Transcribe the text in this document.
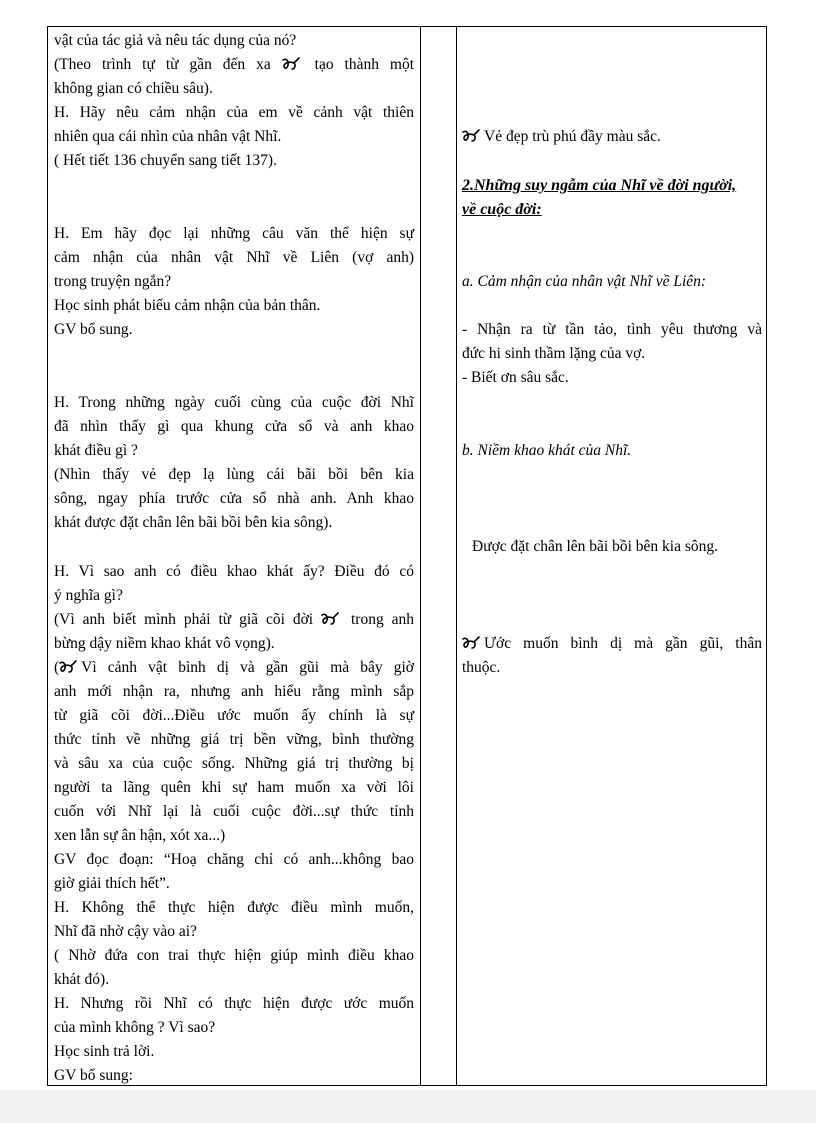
vật của tác giả và nêu tác dụng của nó?
(Theo trình tự từ gần đến xa	tạo thành một
không gian có chiều sâu).
H. Hãy nêu cảm nhận của em về cảnh vật thiên
nhiên qua cái nhìn của nhân vật Nhĩ.
( Hết tiết 136 chuyển sang tiết 137).
H. Em hãy đọc lại những câu văn thể hiện sự
cảm nhận của nhân vật Nhĩ về Liên (vợ anh)
trong truyện ngắn?
Học sinh phát biểu cảm nhận của bản thân.
GV bổ sung.
H. Trong những ngày cuối cùng của cuộc đời Nhĩ
đã nhìn thấy gì qua khung cửa sổ và anh khao
khát điều gì ?
(Nhìn thấy vẻ đẹp lạ lùng cái bãi bồi bên kia
sông, ngay phía trước cửa sổ nhà anh. Anh khao
khát được đặt chân lên bãi bồi bên kia sông).
H. Vì sao anh có điều khao khát ấy? Điều đó có
ý nghĩa gì?
(Vì anh biết mình phải từ giã cõi đời trong anh
bừng dậy niềm khao khát vô vọng).
( Vì cảnh vật bình dị và gần gũi mà bây giờ
anh mới nhận ra, nhưng anh hiểu rằng mình sắp
từ giã cõi đời...Điều ước muốn ấy chính là sự
thức tỉnh về những giá trị bền vững, bình thường
và sâu xa của cuộc sống. Những giá trị thường bị
người ta lãng quên khi sự ham muốn xa vời lôi
cuốn với Nhĩ lại là cuối cuộc đời...sự thức tỉnh
xen lẫn sự ân hận, xót xa...)
GV đọc đoạn: “Hoạ chăng chỉ có anh...không bao
giờ giải thích hết”.
H. Không thể thực hiện được điều mình muốn,
Nhĩ đã nhờ cậy vào ai?
( Nhờ đứa con trai thực hiện giúp mình điều khao
khát đó).
H. Nhưng rồi Nhĩ có thực hiện được ước muốn
của mình không ? Vì sao?
Học sinh trả lời.
GV bổ sung:
Vẻ đẹp trù phú đầy màu sắc.
2.Những suy ngẫm của Nhĩ về đời người,
về cuộc đời:
a. Cảm nhận của nhân vật Nhĩ về Liên:
- Nhận ra từ tần tảo, tình yêu thương và
đức hi sinh thầm lặng của vợ.
- Biết ơn sâu sắc.
b. Niềm khao khát của Nhĩ.
Được đặt chân lên bãi bồi bên kia sông.
Ước muốn bình dị mà gần gũi, thân
thuộc.
